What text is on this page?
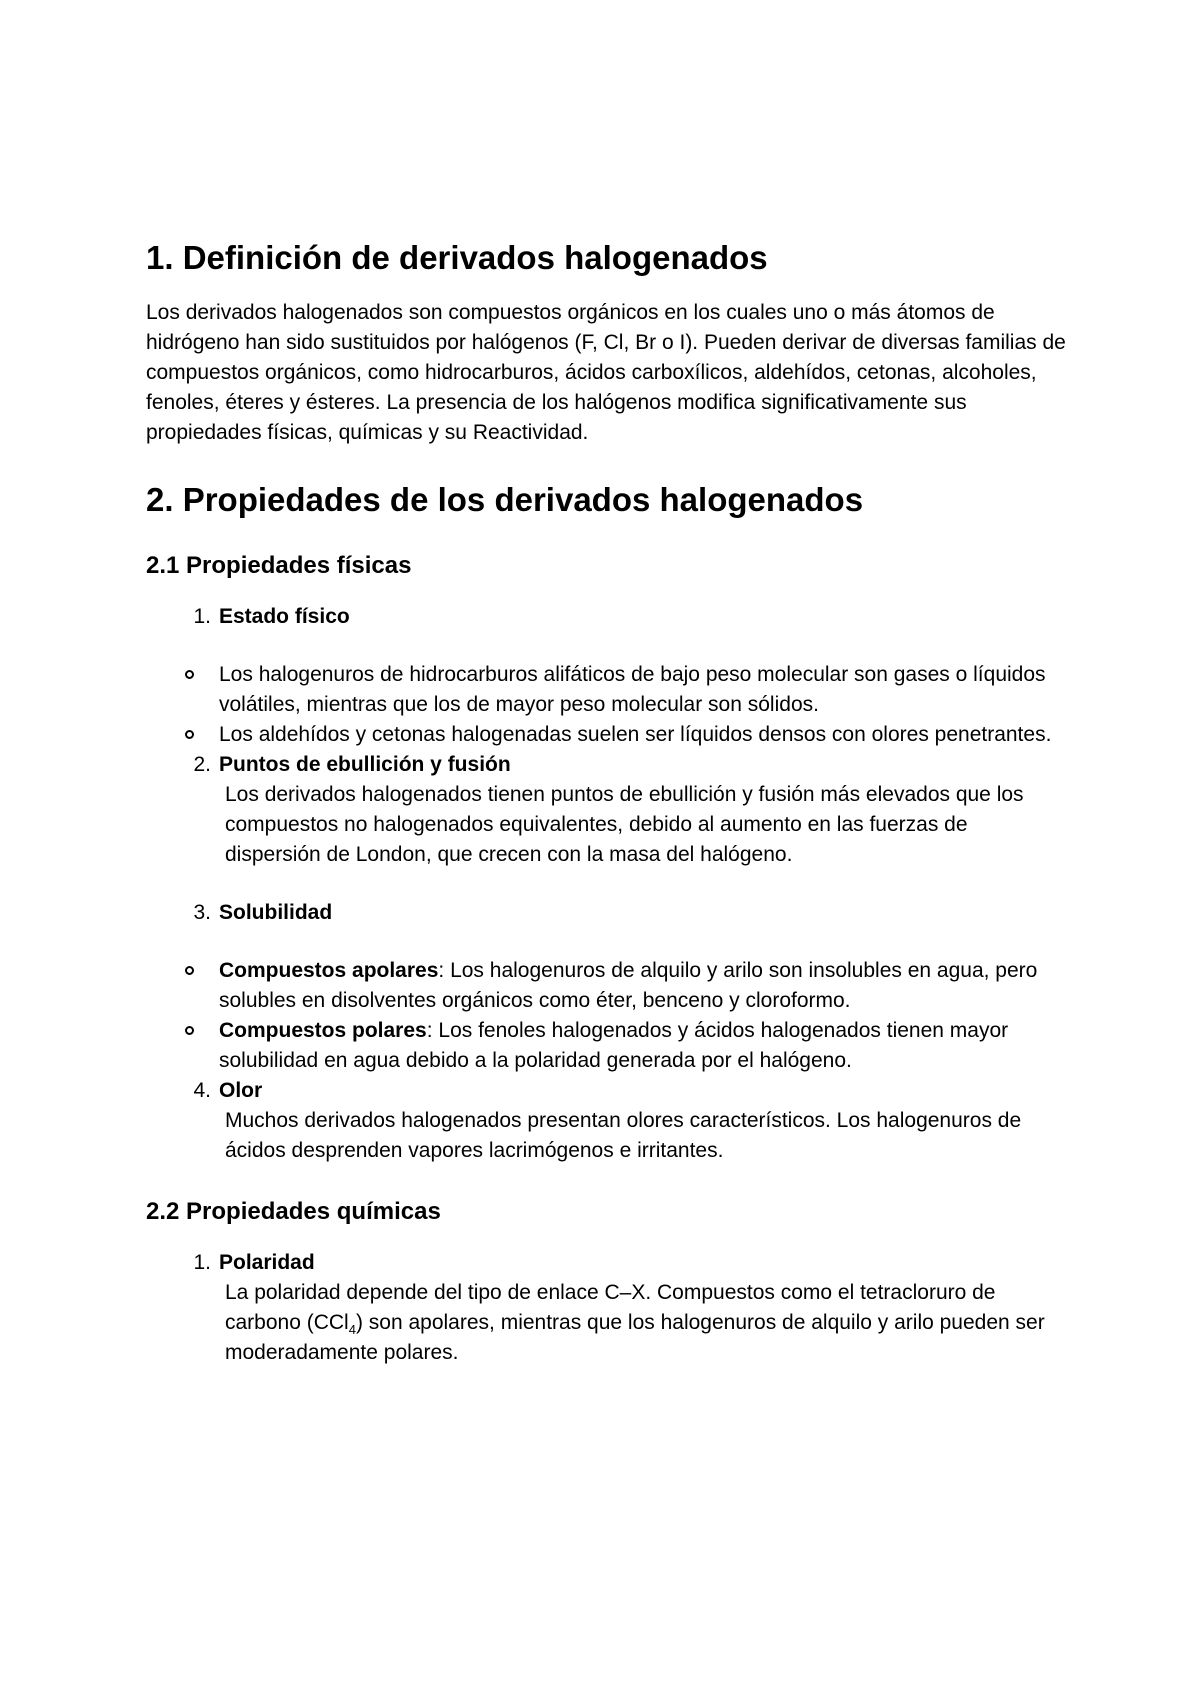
1. Definición de derivados halogenados

Los derivados halogenados son compuestos orgánicos en los cuales uno o más átomos de hidrógeno han sido sustituidos por halógenos (F, Cl, Br o I). Pueden derivar de diversas familias de compuestos orgánicos, como hidrocarburos, ácidos carboxílicos, aldehídos, cetonas, alcoholes, fenoles, éteres y ésteres. La presencia de los halógenos modifica significativamente sus propiedades físicas, químicas y su Reactividad.

2. Propiedades de los derivados halogenados
2.1 Propiedades físicas
1. Estado físico
Los halogenuros de hidrocarburos alifáticos de bajo peso molecular son gases o líquidos volátiles, mientras que los de mayor peso molecular son sólidos.
Los aldehídos y cetonas halogenadas suelen ser líquidos densos con olores penetrantes.
2. Puntos de ebullición y fusión
Los derivados halogenados tienen puntos de ebullición y fusión más elevados que los compuestos no halogenados equivalentes, debido al aumento en las fuerzas de dispersión de London, que crecen con la masa del halógeno.
3. Solubilidad
Compuestos apolares: Los halogenuros de alquilo y arilo son insolubles en agua, pero solubles en disolventes orgánicos como éter, benceno y cloroformo.
Compuestos polares: Los fenoles halogenados y ácidos halogenados tienen mayor solubilidad en agua debido a la polaridad generada por el halógeno.
4. Olor
Muchos derivados halogenados presentan olores característicos. Los halogenuros de ácidos desprenden vapores lacrimógenos e irritantes.
2.2 Propiedades químicas
1. Polaridad
La polaridad depende del tipo de enlace C–X. Compuestos como el tetracloruro de carbono (CCl$_4$) son apolares, mientras que los halogenuros de alquilo y arilo pueden ser moderadamente polares.
